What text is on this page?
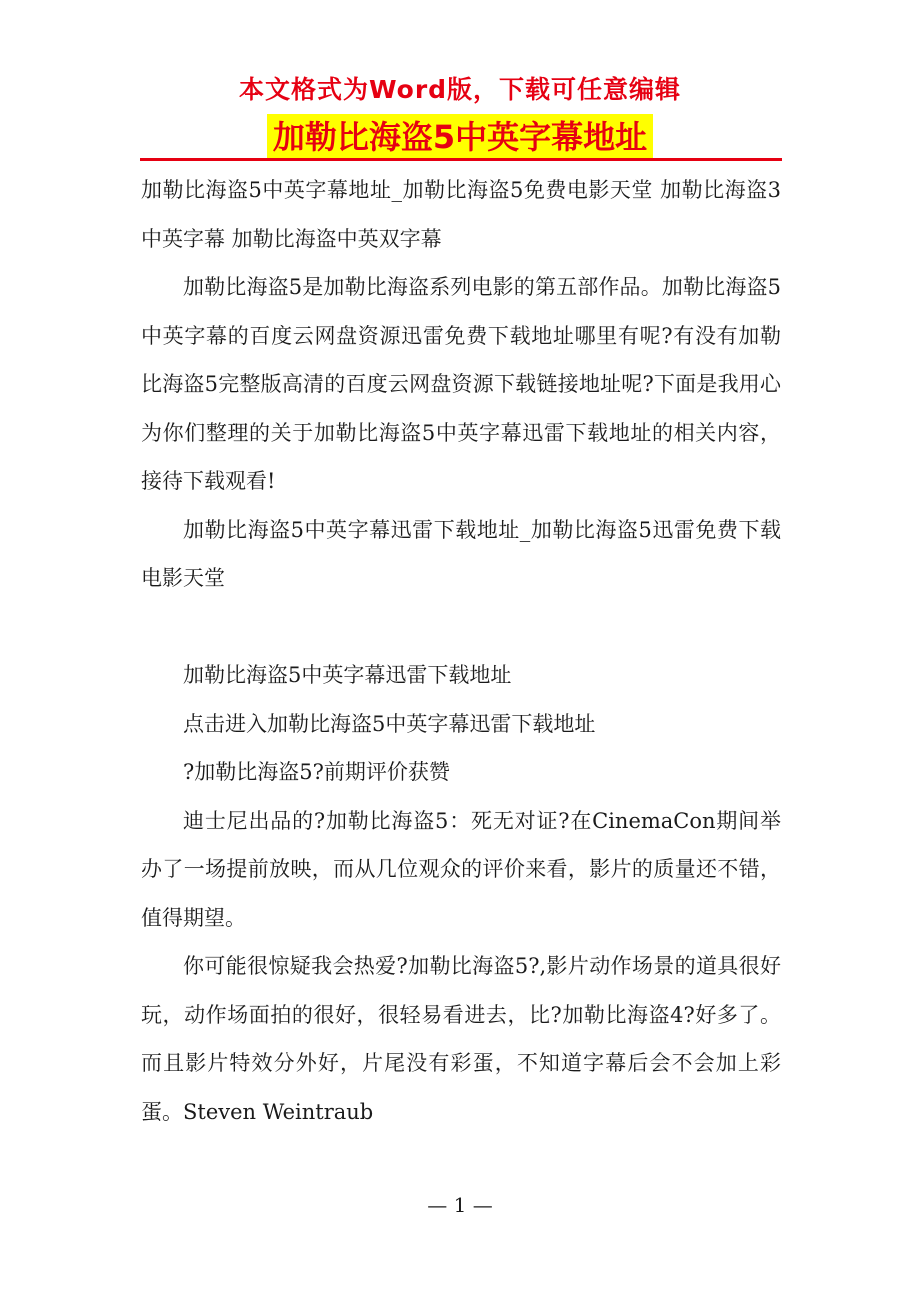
本文格式为Word版，下载可任意编辑
加勒比海盗5中英字幕地址

加勒比海盗5中英字幕地址_加勒比海盗5免费电影天堂 加勒比海盗3中英字幕 加勒比海盗中英双字幕

加勒比海盗5是加勒比海盗系列电影的第五部作品。加勒比海盗5中英字幕的百度云网盘资源迅雷免费下载地址哪里有呢?有没有加勒比海盗5完整版高清的百度云网盘资源下载链接地址呢?下面是我用心为你们整理的关于加勒比海盗5中英字幕迅雷下载地址的相关内容，接待下载观看!

加勒比海盗5中英字幕迅雷下载地址_加勒比海盗5迅雷免费下载电影天堂

加勒比海盗5中英字幕迅雷下载地址

点击进入加勒比海盗5中英字幕迅雷下载地址

?加勒比海盗5?前期评价获赞

迪士尼出品的?加勒比海盗5：死无对证?在CinemaCon期间举办了一场提前放映，而从几位观众的评价来看，影片的质量还不错，值得期望。

你可能很惊疑我会热爱?加勒比海盗5?,影片动作场景的道具很好玩，动作场面拍的很好，很轻易看进去，比?加勒比海盗4?好多了。而且影片特效分外好，片尾没有彩蛋，不知道字幕后会不会加上彩蛋。Steven Weintraub

— 1 —
